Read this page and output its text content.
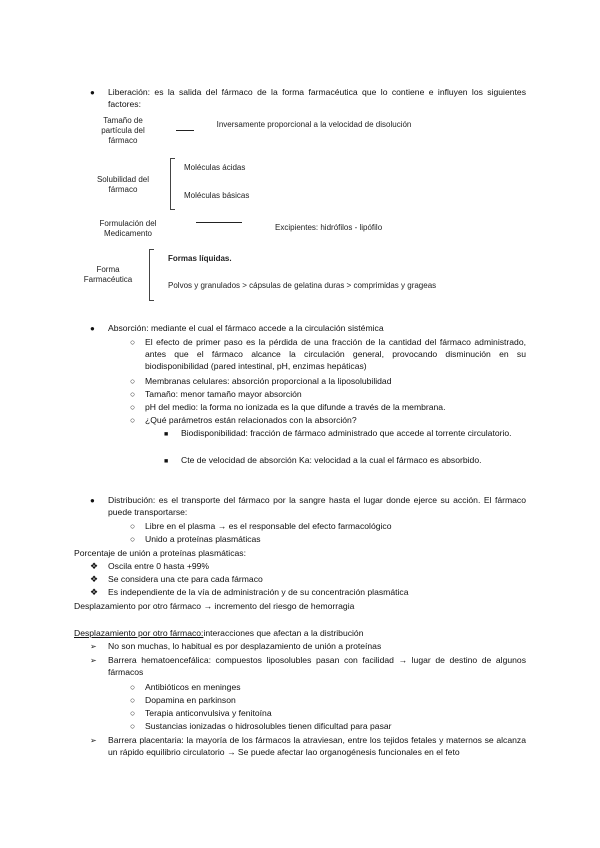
● Liberación: es la salida del fármaco de la forma farmacéutica que lo contiene e influyen los siguientes factores:
Tamaño de partícula del fármaco
Inversamente proporcional a la velocidad de disolución
Solubilidad del fármaco
Moléculas ácidas
Moléculas básicas
Formulación del Medicamento
Excipientes: hidrófilos - lipófilo
Forma Farmacéutica
Formas líquidas.
Polvos y granulados > cápsulas de gelatina duras > comprimidas y grageas
● Absorción: mediante el cual el fármaco accede a la circulación sistémica
○ El efecto de primer paso es la pérdida de una fracción de la cantidad del fármaco administrado, antes que el fármaco alcance la circulación general, provocando disminución en su biodisponibilidad (pared intestinal, pH, enzimas hepáticas)
○ Membranas celulares: absorción proporcional a la liposolubilidad
○ Tamaño: menor tamaño mayor absorción
○ pH del medio: la forma no ionizada es la que difunde a través de la membrana.
○ ¿Qué parámetros están relacionados con la absorción?
■ Biodisponibilidad: fracción de fármaco administrado que accede al torrente circulatorio.
■ Cte de velocidad de absorción Ka: velocidad a la cual el fármaco es absorbido.
● Distribución: es el transporte del fármaco por la sangre hasta el lugar donde ejerce su acción. El fármaco puede transportarse:
○ Libre en el plasma → es el responsable del efecto farmacológico
○ Unido a proteínas plasmáticas
Porcentaje de unión a proteínas plasmáticas:
❖ Oscila entre 0 hasta +99%
❖ Se considera una cte para cada fármaco
❖ Es independiente de la vía de administración y de su concentración plasmática
Desplazamiento por otro fármaco → incremento del riesgo de hemorragia
Desplazamiento por otro fármaco:interacciones que afectan a la distribución
➢ No son muchas, lo habitual es por desplazamiento de unión a proteínas
➢ Barrera hematoencefálica: compuestos liposolubles pasan con facilidad → lugar de destino de algunos fármacos
○ Antibióticos en meninges
○ Dopamina en parkinson
○ Terapia anticonvulsiva y fenitoína
○ Sustancias ionizadas o hidrosolubles tienen dificultad para pasar
➢ Barrera placentaria: la mayoría de los fármacos la atraviesan, entre los tejidos fetales y maternos se alcanza un rápido equilibrio circulatorio → Se puede afectar lao organogénesis funcionales en el feto
